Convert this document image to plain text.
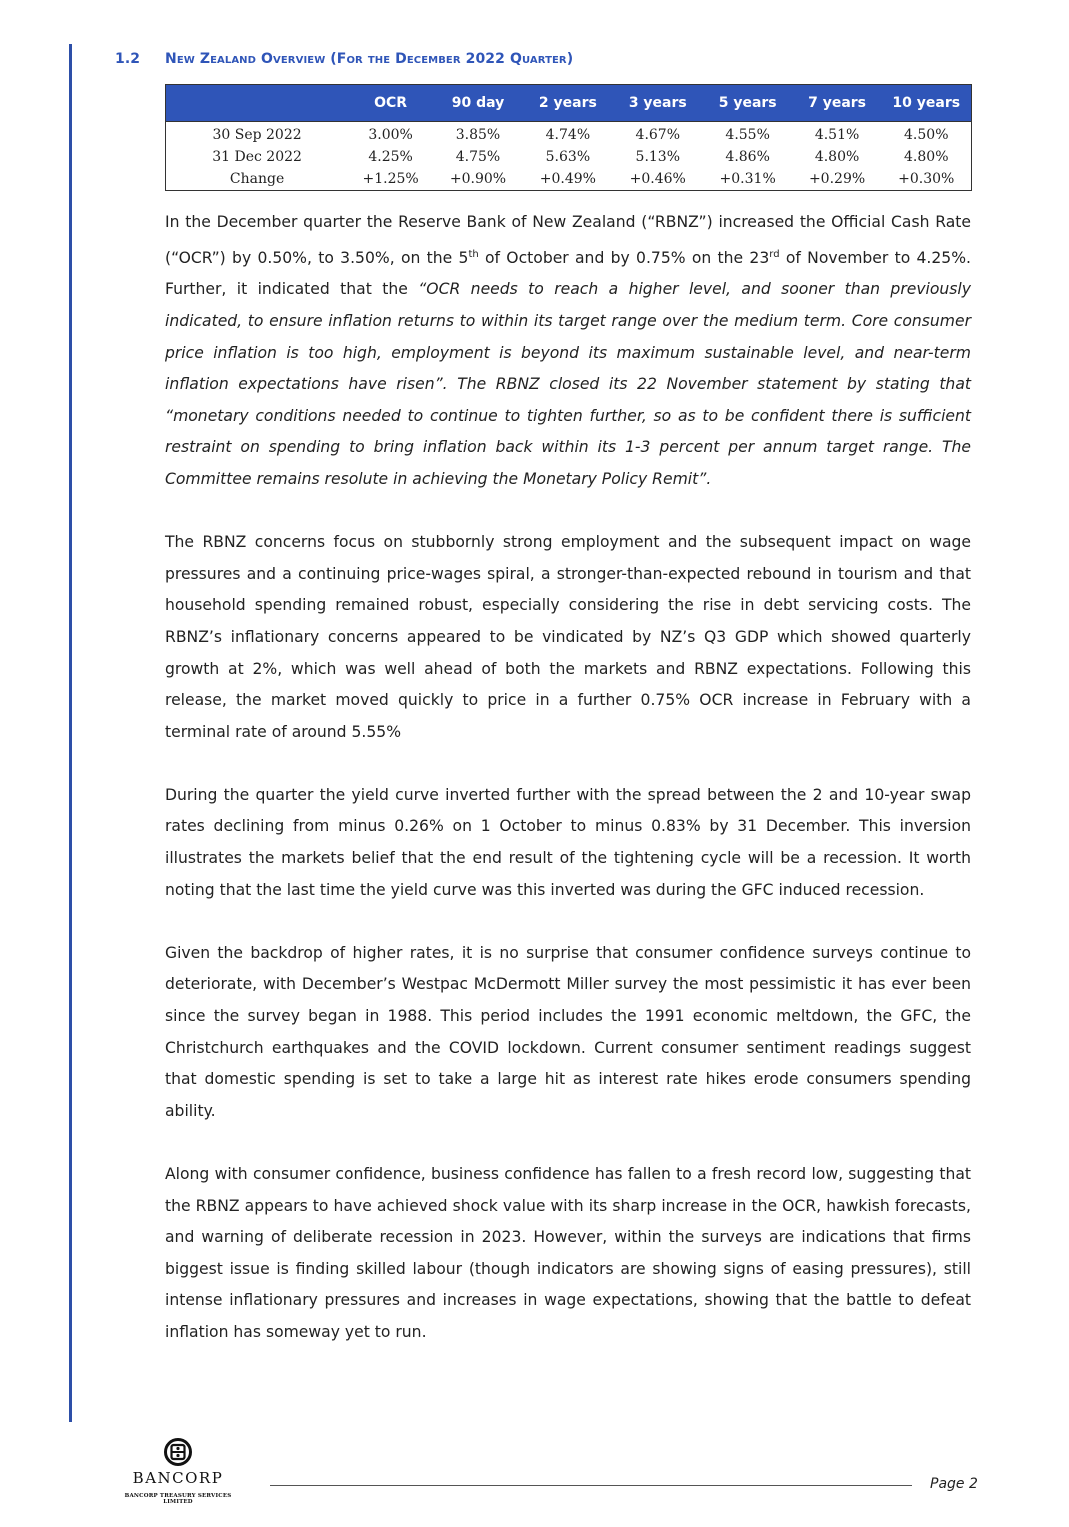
1.2 New Zealand Overview (For the December 2022 Quarter)
	OCR	90 day	2 years	3 years	5 years	7 years	10 years
30 Sep 2022	3.00%	3.85%	4.74%	4.67%	4.55%	4.51%	4.50%
31 Dec 2022	4.25%	4.75%	5.63%	5.13%	4.86%	4.80%	4.80%
Change	+1.25%	+0.90%	+0.49%	+0.46%	+0.31%	+0.29%	+0.30%

In the December quarter the Reserve Bank of New Zealand (“RBNZ”) increased the Official Cash Rate (“OCR”) by 0.50%, to 3.50%, on the 5th of October and by 0.75% on the 23rd of November to 4.25%. Further, it indicated that the “OCR needs to reach a higher level, and sooner than previously indicated, to ensure inflation returns to within its target range over the medium term. Core consumer price inflation is too high, employment is beyond its maximum sustainable level, and near-term inflation expectations have risen”. The RBNZ closed its 22 November statement by stating that “monetary conditions needed to continue to tighten further, so as to be confident there is sufficient restraint on spending to bring inflation back within its 1-3 percent per annum target range. The Committee remains resolute in achieving the Monetary Policy Remit”.

The RBNZ concerns focus on stubbornly strong employment and the subsequent impact on wage pressures and a continuing price-wages spiral, a stronger-than-expected rebound in tourism and that household spending remained robust, especially considering the rise in debt servicing costs. The RBNZ’s inflationary concerns appeared to be vindicated by NZ’s Q3 GDP which showed quarterly growth at 2%, which was well ahead of both the markets and RBNZ expectations. Following this release, the market moved quickly to price in a further 0.75% OCR increase in February with a terminal rate of around 5.55%

During the quarter the yield curve inverted further with the spread between the 2 and 10-year swap rates declining from minus 0.26% on 1 October to minus 0.83% by 31 December. This inversion illustrates the markets belief that the end result of the tightening cycle will be a recession. It worth noting that the last time the yield curve was this inverted was during the GFC induced recession.

Given the backdrop of higher rates, it is no surprise that consumer confidence surveys continue to deteriorate, with December’s Westpac McDermott Miller survey the most pessimistic it has ever been since the survey began in 1988. This period includes the 1991 economic meltdown, the GFC, the Christchurch earthquakes and the COVID lockdown. Current consumer sentiment readings suggest that domestic spending is set to take a large hit as interest rate hikes erode consumers spending ability.

Along with consumer confidence, business confidence has fallen to a fresh record low, suggesting that the RBNZ appears to have achieved shock value with its sharp increase in the OCR, hawkish forecasts, and warning of deliberate recession in 2023. However, within the surveys are indications that firms biggest issue is finding skilled labour (though indicators are showing signs of easing pressures), still intense inflationary pressures and increases in wage expectations, showing that the battle to defeat inflation has someway yet to run.

BANCORP
BANCORP TREASURY SERVICES LIMITED
Page 2
